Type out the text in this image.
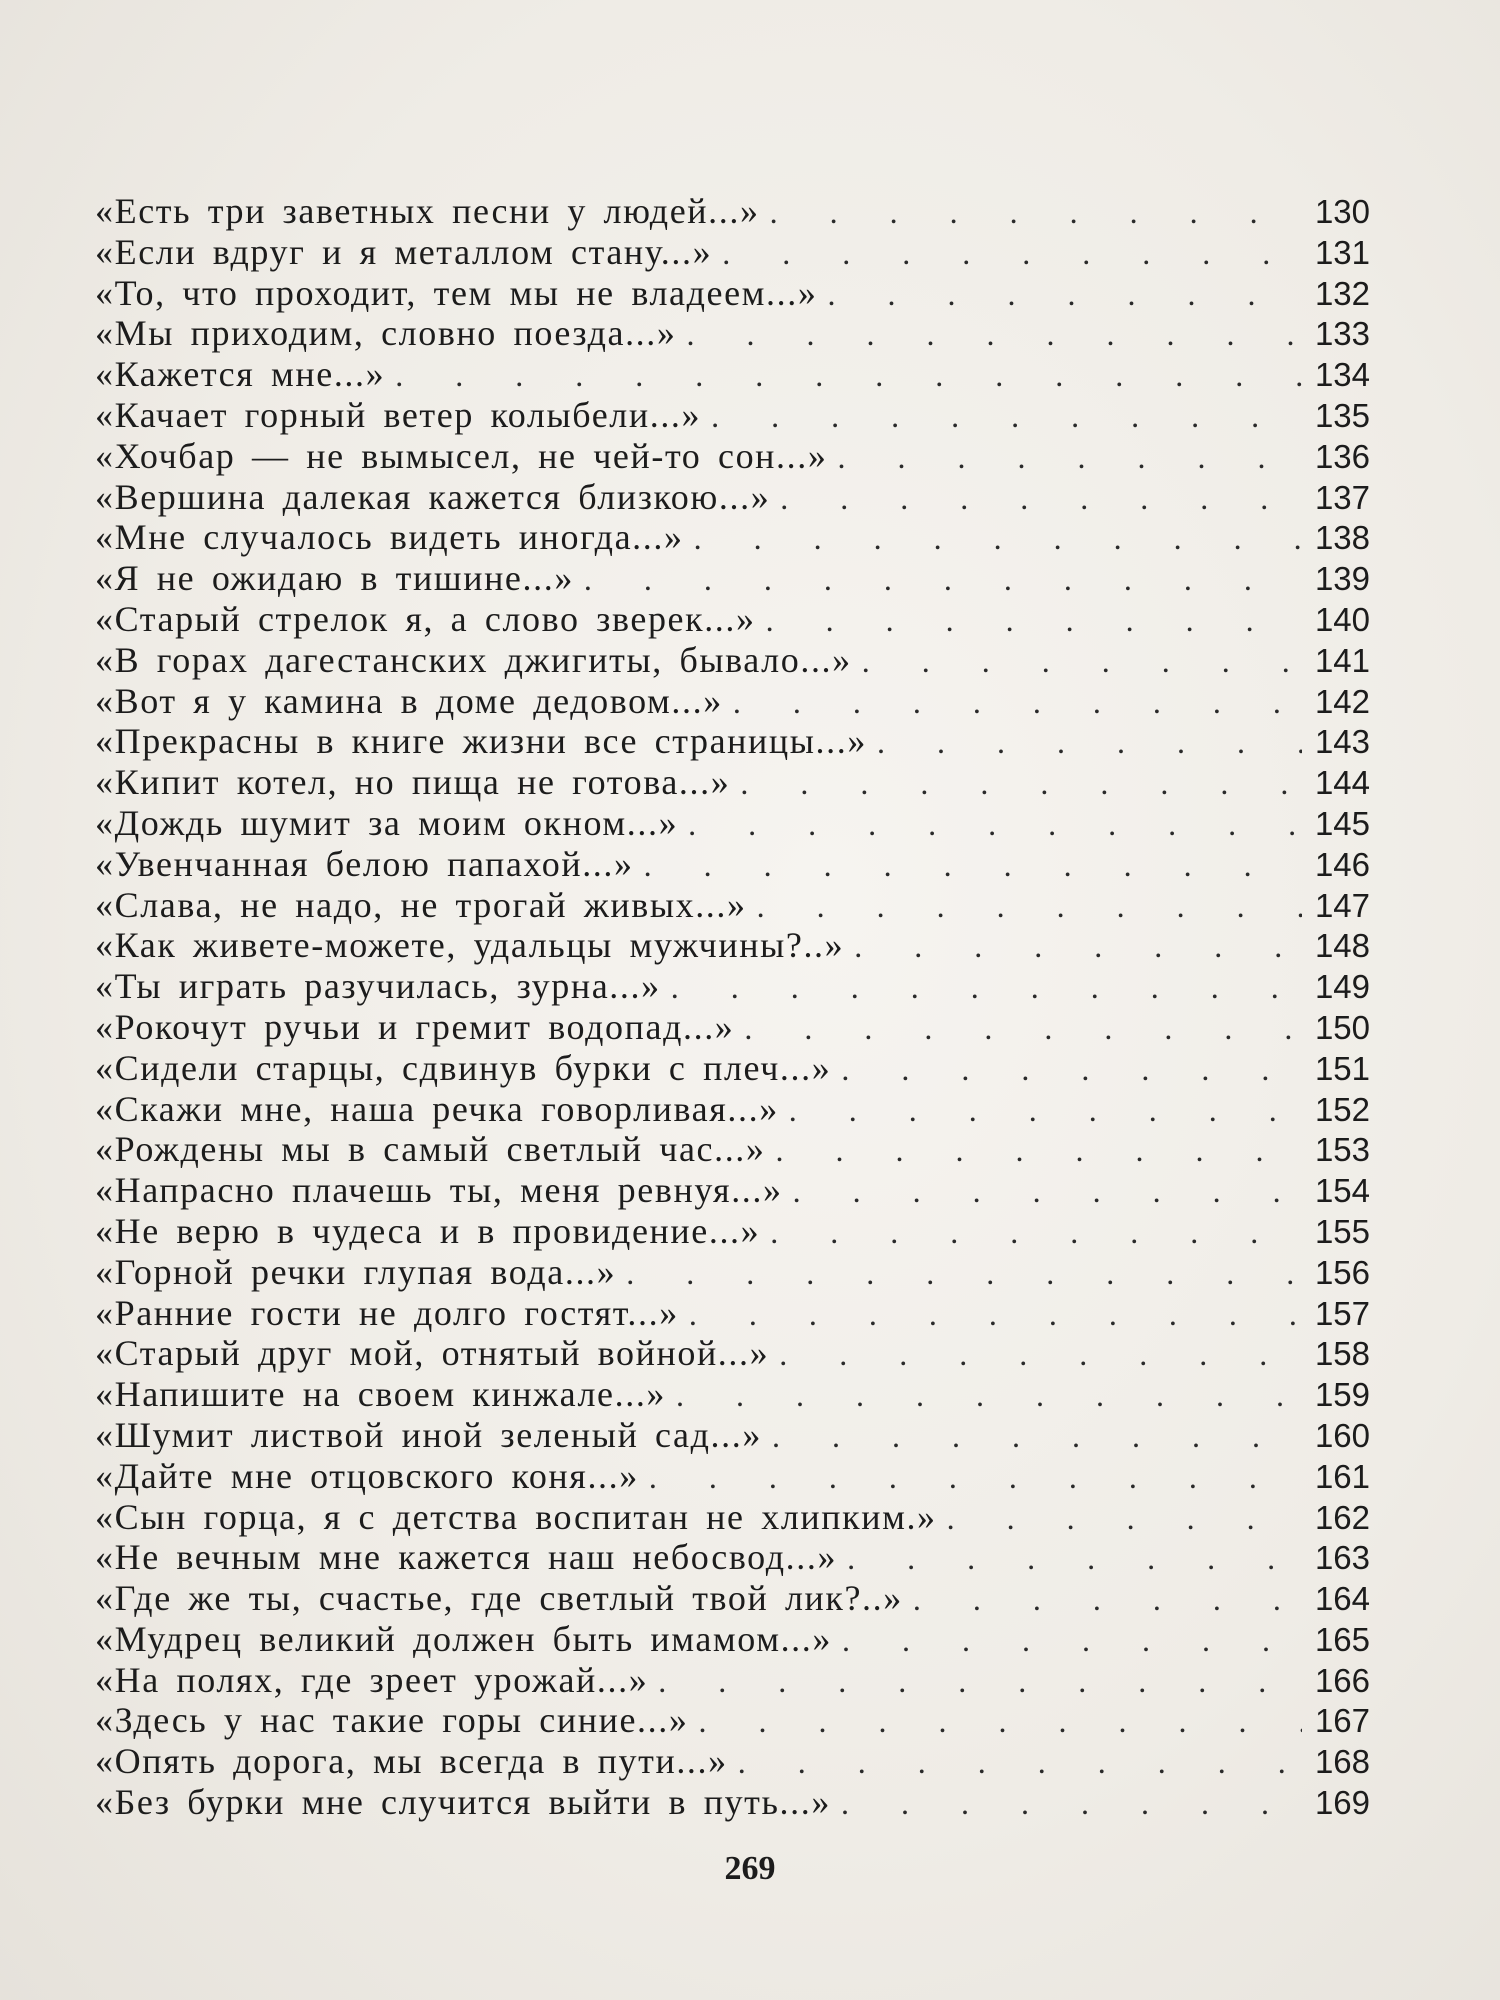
«Есть три заветных песни у людей...» . . .	130
«Если вдруг и я металлом стану...» . . .	131
«То, что проходит, тем мы не владеем...» . . .	132
«Мы приходим, словно поезда...» . . .	133
«Кажется мне...» . . .	134
«Качает горный ветер колыбели...» . . .	135
«Хочбар — не вымысел, не чей-то сон...» . . .	136
«Вершина далекая кажется близкою...» . . .	137
«Мне случалось видеть иногда...» . . .	138
«Я не ожидаю в тишине...» . . .	139
«Старый стрелок я, а слово зверек...» . . .	140
«В горах дагестанских джигиты, бывало...» . . .	141
«Вот я у камина в доме дедовом...» . . .	142
«Прекрасны в книге жизни все страницы...» . . .	143
«Кипит котел, но пища не готова...» . . .	144
«Дождь шумит за моим окном...» . . .	145
«Увенчанная белою папахой...» . . .	146
«Слава, не надо, не трогай живых...» . . .	147
«Как живете-можете, удальцы мужчины?..» . . .	148
«Ты играть разучилась, зурна...» . . .	149
«Рокочут ручьи и гремит водопад...» . . .	150
«Сидели старцы, сдвинув бурки с плеч...» . . .	151
«Скажи мне, наша речка говорливая...» . . .	152
«Рождены мы в самый светлый час...» . . .	153
«Напрасно плачешь ты, меня ревнуя...» . . .	154
«Не верю в чудеса и в провидение...» . . .	155
«Горной речки глупая вода...» . . .	156
«Ранние гости не долго гостят...» . . .	157
«Старый друг мой, отнятый войной...» . . .	158
«Напишите на своем кинжале...» . . .	159
«Шумит листвой иной зеленый сад...» . . .	160
«Дайте мне отцовского коня...» . . .	161
«Сын горца, я с детства воспитан не хлипким.» . . .	162
«Не вечным мне кажется наш небосвод...» . . .	163
«Где же ты, счастье, где светлый твой лик?..» . . .	164
«Мудрец великий должен быть имамом...» . . .	165
«На полях, где зреет урожай...» . . .	166
«Здесь у нас такие горы синие...» . . .	167
«Опять дорога, мы всегда в пути...» . . .	168
«Без бурки мне случится выйти в путь...» . . .	169
269
